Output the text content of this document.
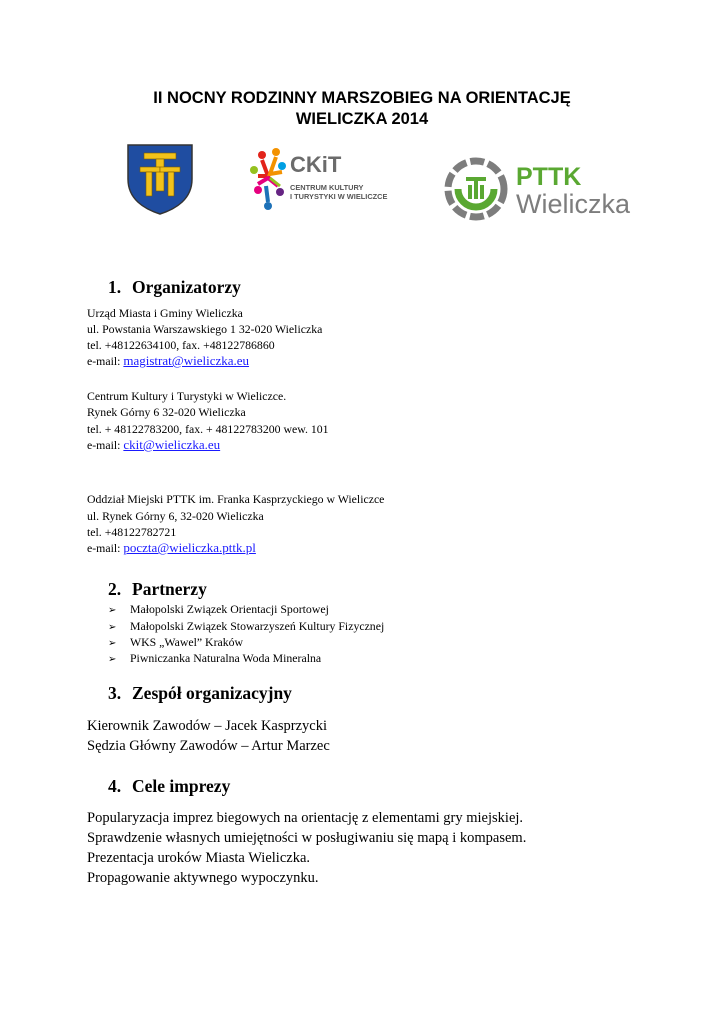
II NOCNY RODZINNY MARSZOBIEG NA ORIENTACJĘ
WIELICZKA 2014
CKiT
CENTRUM KULTURY
I TURYSTYKI W WIELICZCE
PTTK
Wieliczka
1. Organizatorzy
Urząd Miasta i Gminy Wieliczka
ul. Powstania Warszawskiego 1 32-020 Wieliczka
tel. +48122634100, fax. +48122786860
e-mail: magistrat@wieliczka.eu
Centrum Kultury i Turystyki w Wieliczce.
Rynek Górny 6 32-020 Wieliczka
tel. + 48122783200, fax. + 48122783200 wew. 101
e-mail: ckit@wieliczka.eu
Oddział Miejski PTTK im. Franka Kasprzyckiego w Wieliczce
ul. Rynek Górny 6, 32-020 Wieliczka
tel. +48122782721
e-mail: poczta@wieliczka.pttk.pl
2. Partnerzy
➢ Małopolski Związek Orientacji Sportowej
➢ Małopolski Związek Stowarzyszeń Kultury Fizycznej
➢ WKS „Wawel” Kraków
➢ Piwniczanka Naturalna Woda Mineralna
3. Zespół organizacyjny
Kierownik Zawodów – Jacek Kasprzycki
Sędzia Główny Zawodów – Artur Marzec
4. Cele imprezy
Popularyzacja imprez biegowych na orientację z elementami gry miejskiej.
Sprawdzenie własnych umiejętności w posługiwaniu się mapą i kompasem.
Prezentacja uroków Miasta Wieliczka.
Propagowanie aktywnego wypoczynku.
